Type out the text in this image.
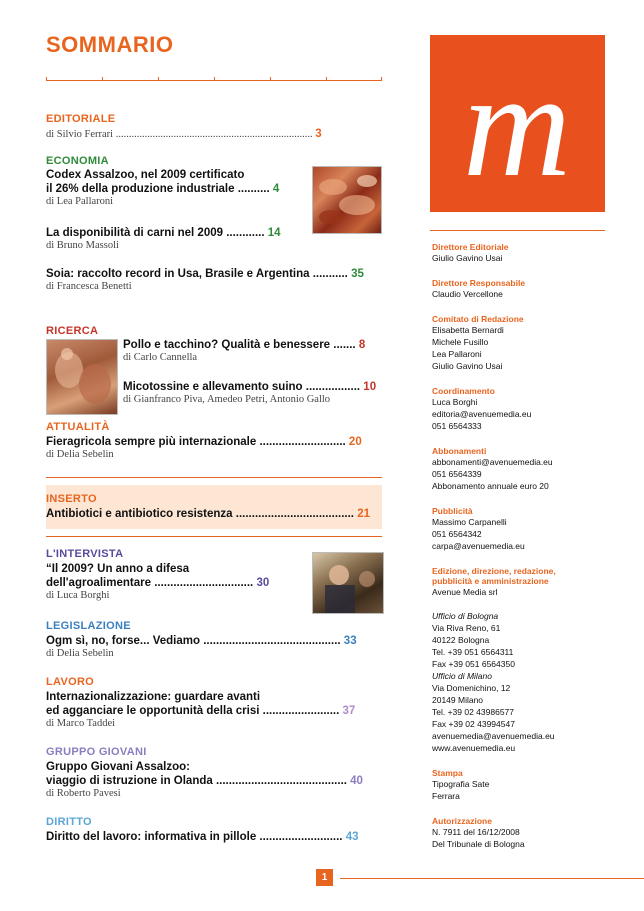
SOMMARIO
EDITORIALE
di Silvio Ferrari ........................................................................... 3
ECONOMIA
Codex Assalzoo, nel 2009 certificato
il 26% della produzione industriale .......... 4
di Lea Pallaroni
La disponibilità di carni nel 2009 ............ 14
di Bruno Massoli
Soia: raccolto record in Usa, Brasile e Argentina ........... 35
di Francesca Benetti
RICERCA
Pollo e tacchino? Qualità e benessere ....... 8
di Carlo Cannella
Micotossine e allevamento suino ................. 10
di Gianfranco Piva, Amedeo Petri, Antonio Gallo
ATTUALITÀ
Fieragricola sempre più internazionale ........................... 20
di Delia Sebelin
INSERTO
Antibiotici e antibiotico resistenza ..................................... 21
L'INTERVISTA
“Il 2009? Un anno a difesa
dell'agroalimentare ............................... 30
di Luca Borghi
LEGISLAZIONE
Ogm sì, no, forse... Vediamo ........................................... 33
di Delia Sebelin
LAVORO
Internazionalizzazione: guardare avanti
ed agganciare le opportunità della crisi ........................ 37
di Marco Taddei
GRUPPO GIOVANI
Gruppo Giovani Assalzoo:
viaggio di istruzione in Olanda ......................................... 40
di Roberto Pavesi
DIRITTO
Diritto del lavoro: informativa in pillole .......................... 43
m
Direttore Editoriale
Giulio Gavino Usai
Direttore Responsabile
Claudio Vercellone
Comitato di Redazione
Elisabetta Bernardi
Michele Fusillo
Lea Pallaroni
Giulio Gavino Usai
Coordinamento
Luca Borghi
editoria@avenuemedia.eu
051 6564333
Abbonamenti
abbonamenti@avenuemedia.eu
051 6564339
Abbonamento annuale euro 20
Pubblicità
Massimo Carpanelli
051 6564342
carpa@avenuemedia.eu
Edizione, direzione, redazione,
pubblicità e amministrazione
Avenue Media srl
Ufficio di Bologna
Via Riva Reno, 61
40122 Bologna
Tel. +39 051 6564311
Fax +39 051 6564350
Ufficio di Milano
Via Domenichino, 12
20149 Milano
Tel. +39 02 43986577
Fax +39 02 43994547
avenuemedia@avenuemedia.eu
www.avenuemedia.eu
Stampa
Tipografia Sate
Ferrara
Autorizzazione
N. 7911 del 16/12/2008
Del Tribunale di Bologna
1
